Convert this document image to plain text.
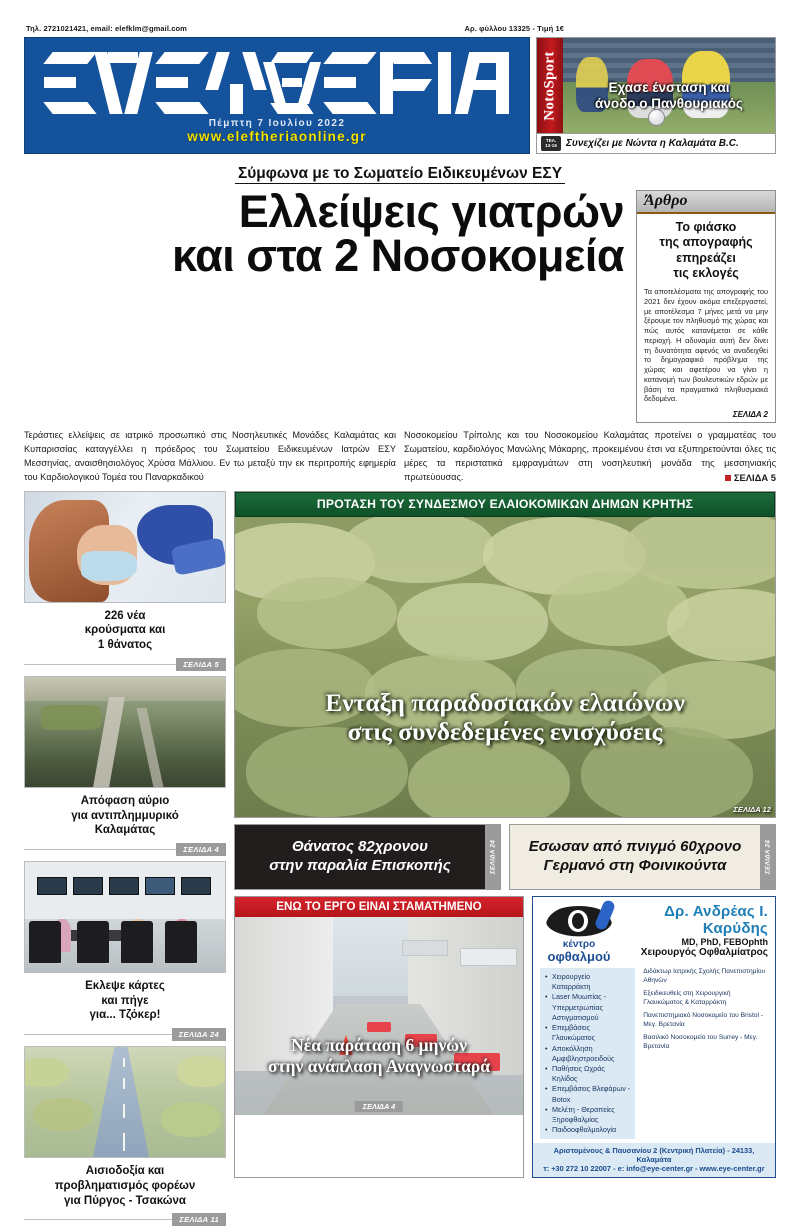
Τηλ. 2721021421, email: elefklm@gmail.com	Αρ. φύλλου 13325 - Τιμή 1€
Πέμπτη 7 Ιουλίου 2022
www.eleftheriaonline.gr
NotoSport	Εχασε ένσταση και
άνοδο ο Πανθουριακός
ΤΕΛ.
13-15 Συνεχίζει με Νώντα η Καλαμάτα B.C.
Σύμφωνα με το Σωματείο Ειδικευμένων ΕΣΥ
Ελλείψεις γιατρών
και στα 2 Νοσοκομεία
Άρθρο
Το φιάσκο
της απογραφής
επηρεάζει
τις εκλογές
Τα αποτελέσματα της απογραφής του 2021 δεν έχουν ακόμα επεξεργαστεί, με αποτέλεσμα 7 μήνες μετά να μην ξέρουμε τον πληθυσμό της χώρας και πώς αυτός κατανέμεται σε κάθε περιοχή. Η αδυναμία αυτή δεν δίνει τη δυνατότητα αφενός να αναδειχθεί το δημογραφικό πρόβλημα της χώρας και αφετέρου να γίνει η κατανομή των βουλευτικών εδρών με βάση τα πραγματικά πληθυσμιακά δεδομένα.
ΣΕΛΙΔΑ 2
Τεράστιες ελλείψεις σε ιατρικό προσωπικό στις Νοσηλευτικές Μονάδες Καλαμάτας και Κυπαρισσίας καταγγέλλει η πρόεδρος του Σωματείου Ειδικευμένων Ιατρών ΕΣΥ Μεσσηνίας, αναισθησιολόγος Χρύσα Μάλλιου. Εν τω μεταξύ την εκ περιτροπής εφημερία του Καρδιολογικού Τομέα του Παναρκαδικού
Νοσοκομείου Τρίπολης και του Νοσοκομείου Καλαμάτας προτείνει ο γραμματέας του Σωματείου, καρδιολόγος Μανώλης Μάκαρης, προκειμένου έτσι να εξυπηρετούνται όλες τις μέρες τα περιστατικά εμφραγμάτων στη νοσηλευτική μονάδα της μεσσηνιακής πρωτεύουσας.	ΣΕΛΙΔΑ 5
226 νέα
κρούσματα και
1 θάνατος
ΣΕΛΙΔΑ 5
Απόφαση αύριο
για αντιπλημμυρικό
Καλαμάτας
ΣΕΛΙΔΑ 4
Εκλεψε κάρτες
και πήγε
για... Τζόκερ!
ΣΕΛΙΔΑ 24
Αισιοδοξία και
προβληματισμός φορέων
για Πύργος - Τσακώνα
ΣΕΛΙΔΑ 11
ΠΡΟΤΑΣΗ ΤΟΥ ΣΥΝΔΕΣΜΟΥ ΕΛΑΙΟΚΟΜΙΚΩΝ ΔΗΜΩΝ ΚΡΗΤΗΣ
Ενταξη παραδοσιακών ελαιώνων
στις συνδεδεμένες ενισχύσεις
ΣΕΛΙΔΑ 12
Θάνατος 82χρονου
στην παραλία Επισκοπής	ΣΕΛΙΔΑ 24 Εσωσαν από πνιγμό 60χρονο
Γερμανό στη Φοινικούντα	ΣΕΛΙΔΑ 24
ΕΝΩ ΤΟ ΕΡΓΟ ΕΙΝΑΙ ΣΤΑΜΑΤΗΜΕΝΟ
Νέα παράταση 6 μηνών
στην ανάπλαση Αναγνωσταρά
ΣΕΛΙΔΑ 4
κέντρο
οφθαλμού
Δρ. Ανδρέας Ι. Καρύδης
MD, PhD, FEBOphth
Χειρουργός Οφθαλμίατρος
• Χειρουργείο Καταρράκτη
• Laser Μυωπίας - Υπερμετρωπίας Αστιγματισμού
• Επεμβάσεις Γλαυκώματος
• Αποκόλληση Αμφιβληστροειδούς
• Παθήσεις Ωχράς Κηλίδος
• Επεμβάσεις Βλεφάρων - Botox
• Μελέτη - Θεραπείες Ξηροφθαλμίας
• Παιδοοφθαλμολογία

Διδάκτωρ Ιατρικής Σχολής Πανεπιστημίου Αθηνών

Εξειδικευθείς στη Χειρουργική Γλαυκώματος & Καταρράκτη

Πανεπιστημιακό Νοσοκομείο του Bristol - Μεγ. Βρετανία

Βασιλικό Νοσοκομείο του Surrey - Μεγ. Βρετανία

Αριστομένους & Παυσανίου 2 (Κεντρική Πλατεία) - 24133, Καλαμάτα
τ: +30 272 10 22007 - e: info@eye-center.gr - www.eye-center.gr
